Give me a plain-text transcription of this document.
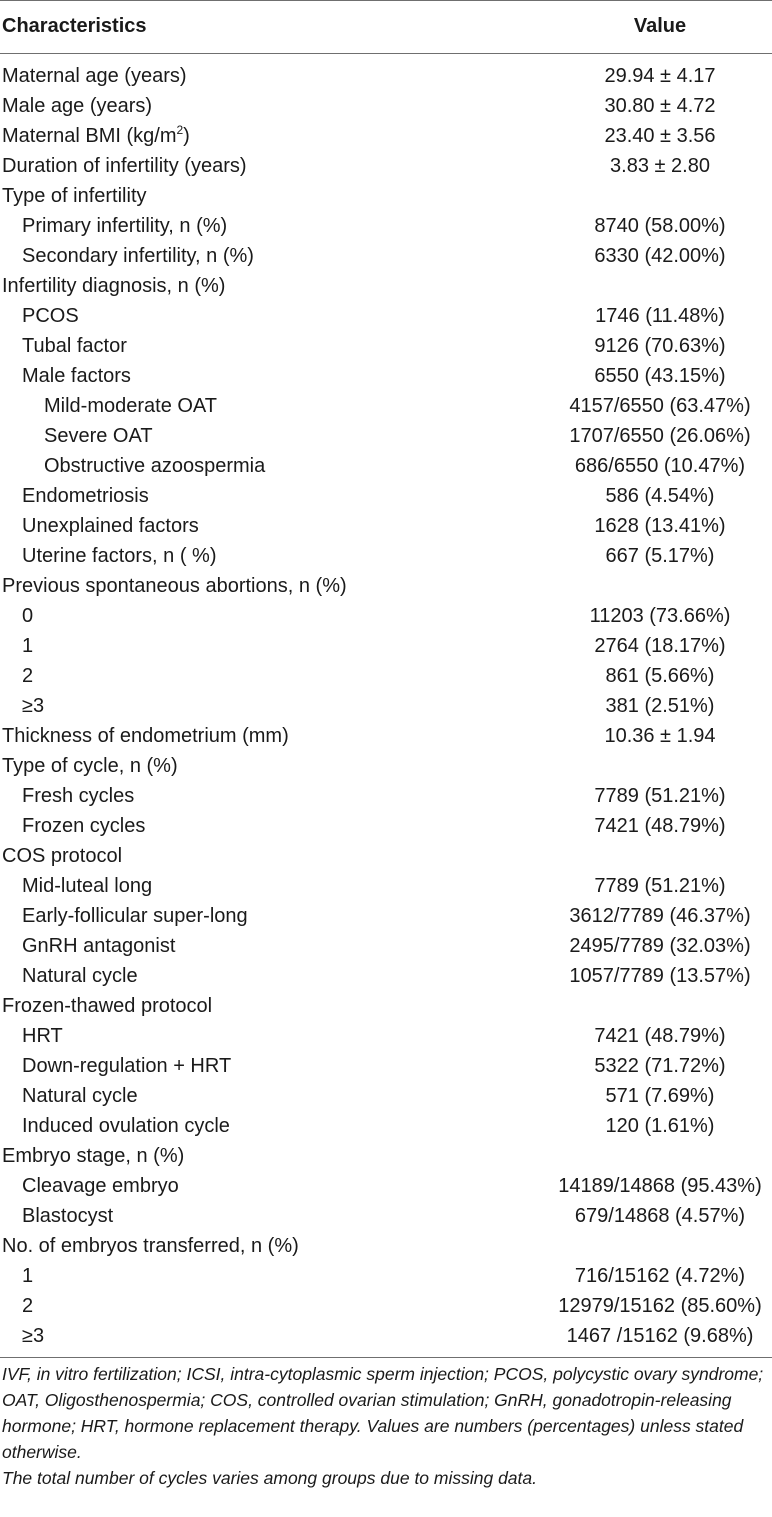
Characteristics	Value
Maternal age (years)	29.94 ± 4.17
Male age (years)	30.80 ± 4.72
Maternal BMI $(kg/m^2)$	23.40 ± 3.56
Duration of infertility (years)	3.83 ± 2.80
Type of infertility
Primary infertility, n (%)	8740 (58.00%)
Secondary infertility, n (%)	6330 (42.00%)
Infertility diagnosis, n (%)
PCOS	1746 (11.48%)
Tubal factor	9126 (70.63%)
Male factors	6550 (43.15%)
Mild-moderate OAT	4157/6550 (63.47%)
Severe OAT	1707/6550 (26.06%)
Obstructive azoospermia	686/6550 (10.47%)
Endometriosis	586 (4.54%)
Unexplained factors	1628 (13.41%)
Uterine factors, n ( %)	667 (5.17%)
Previous spontaneous abortions, n (%)
0	11203 (73.66%)
1	2764 (18.17%)
2	861 (5.66%)
≥3	381 (2.51%)
Thickness of endometrium (mm)	10.36 ± 1.94
Type of cycle, n (%)
Fresh cycles	7789 (51.21%)
Frozen cycles	7421 (48.79%)
COS protocol
Mid-luteal long	7789 (51.21%)
Early-follicular super-long	3612/7789 (46.37%)
GnRH antagonist	2495/7789 (32.03%)
Natural cycle	1057/7789 (13.57%)
Frozen-thawed protocol
HRT	7421 (48.79%)
Down-regulation + HRT	5322 (71.72%)
Natural cycle	571 (7.69%)
Induced ovulation cycle	120 (1.61%)
Embryo stage, n (%)
Cleavage embryo	14189/14868 (95.43%)
Blastocyst	679/14868 (4.57%)
No. of embryos transferred, n (%)
1	716/15162 (4.72%)
2	12979/15162 (85.60%)
≥3	1467 /15162 (9.68%)
IVF, in vitro fertilization; ICSI, intra-cytoplasmic sperm injection; PCOS, polycystic ovary syndrome; OAT, Oligosthenospermia; COS, controlled ovarian stimulation; GnRH, gonadotropin-releasing hormone; HRT, hormone replacement therapy. Values are numbers (percentages) unless stated otherwise.
The total number of cycles varies among groups due to missing data.
